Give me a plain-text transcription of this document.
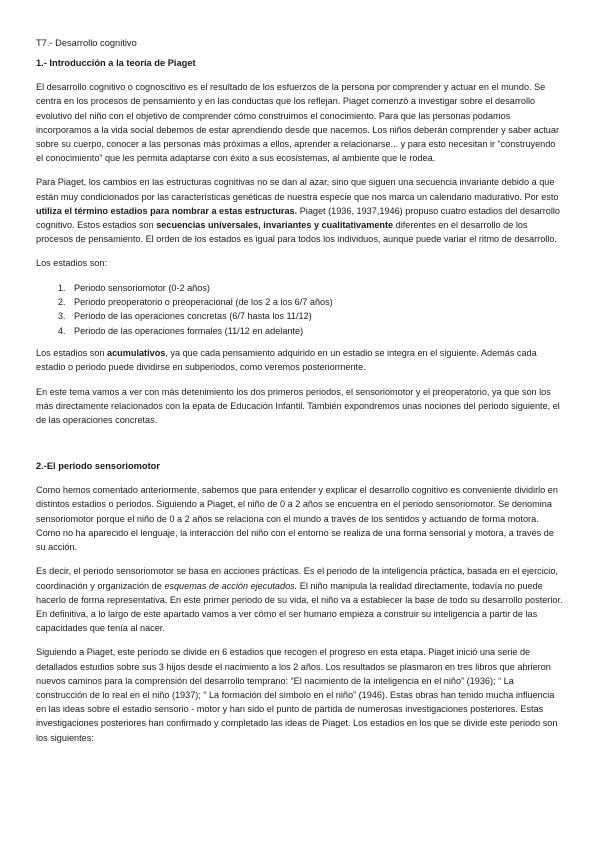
T7.- Desarrollo cognitivo
1.- Introducción a la teoría de Piaget

El desarrollo cognitivo o cognoscitivo es el resultado de los esfuerzos de la persona por comprender y actuar en el mundo. Se centra en los procesos de pensamiento y en las conductas que los reflejan. Piaget comenzó a investigar sobre el desarrollo evolutivo del niño con el objetivo de comprender cómo construimos el conocimiento. Para que las personas podamos incorporamos a la vida social debemos de estar aprendiendo desde que nacemos. Los niños deberán comprender y saber actuar sobre su cuerpo, conocer a las personas más próximas a ellos, aprender a relacionarse... y para esto necesitan ir “construyendo el conocimiento” que les permita adaptarse con éxito a sus ecosistemas, al ambiente que le rodea.

Para Piaget, los cambios en las estructuras cognitivas no se dan al azar, sino que siguen una secuencia invariante debido a que están muy condicionados por las características genéticas de nuestra especie que nos marca un calendario madurativo. Por esto utiliza el término estadios para nombrar a estas estructuras. Piaget (1936, 1937,1946) propuso cuatro estadios del desarrollo cognitivo. Estos estadios son secuencias universales, invariantes y cualitativamente diferentes en el desarrollo de los procesos de pensamiento. El orden de los estados es igual para todos los individuos, aunque puede variar el ritmo de desarrollo.

Los estadios son:

1. Periodo sensoriomotor (0-2 años)
2. Periodo preoperatorio o preoperacional (de los 2 a los 6/7 años)
3. Periodo de las operaciones concretas (6/7 hasta los 11/12)
4. Periodo de las operaciones formales (11/12 en adelante)

Los estadios son acumulativos, ya que cada pensamiento adquirido en un estadio se integra en el siguiente. Además cada estadio o periodo puede dividirse en subperiodos, como veremos posteriormente.

En este tema vamos a ver con más detenimiento los dos primeros periodos, el sensoriomotor y el preoperatorio, ya que son los más directamente relacionados con la epata de Educación Infantil. También expondremos unas nociones del periodo siguiente, el de las operaciones concretas.

2.-El periodo sensoriomotor

Como hemos comentado anteriormente, sabemos que para entender y explicar el desarrollo cognitivo es conveniente dividirlo en distintos estadios o periodos. Siguiendo a Piaget, el niño de 0 a 2 años se encuentra en el periodo sensoriomotor. Se denomina sensoriomotor porque el niño de 0 a 2 años se relaciona con el mundo a través de los sentidos y actuando de forma motora. Como no ha aparecido el lenguaje, la interacción del niño con el entorno se realiza de una forma sensorial y motora, a través de su acción.

Es decir, el periodo sensoriomotor se basa en acciones prácticas. Es el periodo de la inteligencia práctica, basada en el ejercicio, coordinación y organización de esquemas de acción ejecutados. El niño manipula la realidad directamente, todavía no puede hacerlo de forma representativa. En este primer periodo de su vida, el niño va a establecer la base de todo su desarrollo posterior. En definitiva, a lo largo de este apartado vamos a ver cómo el ser humano empieza a construir su inteligencia a partir de las capacidades que tenía al nacer.

Siguiendo a Piaget, este período se divide en 6 estadios que recogen el progreso en esta etapa. Piaget inició una serie de detallados estudios sobre sus 3 hijos desde el nacimiento a los 2 años. Los resultados se plasmaron en tres libros que abrieron nuevos caminos para la comprensión del desarrollo temprano: “El nacimiento de la inteligencia en el niño” (1936); “ La construcción de lo real en el niño (1937); “ La formación del símbolo en el niño” (1946). Estas obras han tenido mucha influencia en las ideas sobre el estadio sensorio - motor y han sido el punto de partida de numerosas investigaciones posteriores. Estas investigaciones posteriores han confirmado y completado las ideas de Piaget. Los estadios en los que se divide este periodo son los siguientes:
